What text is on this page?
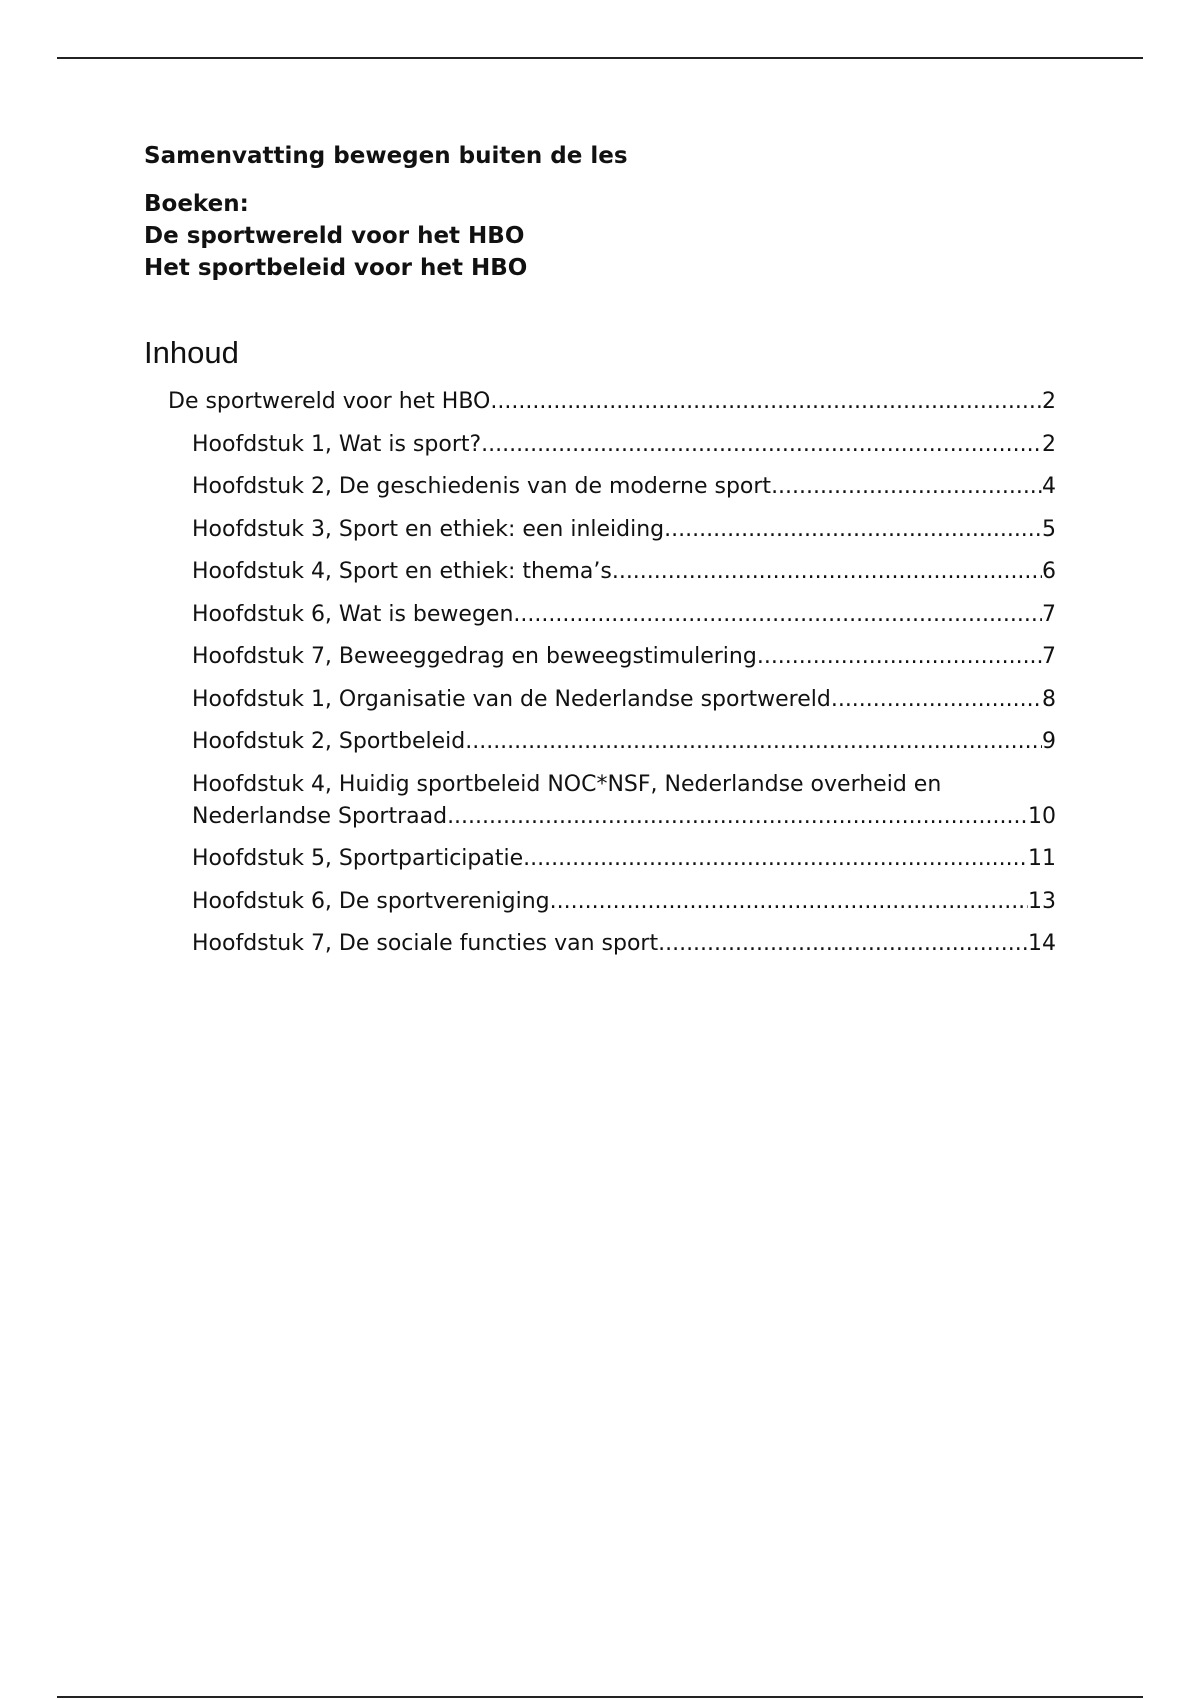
Samenvatting bewegen buiten de les
Boeken:
De sportwereld voor het HBO
Het sportbeleid voor het HBO
Inhoud
De sportwereld voor het HBO .....	2
Hoofdstuk 1, Wat is sport? .....	2
Hoofdstuk 2, De geschiedenis van de moderne sport .....	4
Hoofdstuk 3, Sport en ethiek: een inleiding .....	5
Hoofdstuk 4, Sport en ethiek: thema’s .....	6
Hoofdstuk 6, Wat is bewegen .....	7
Hoofdstuk 7, Beweeggedrag en beweegstimulering .....	7
Hoofdstuk 1, Organisatie van de Nederlandse sportwereld .....	8
Hoofdstuk 2, Sportbeleid .....	9
Hoofdstuk 4, Huidig sportbeleid NOC*NSF, Nederlandse overheid en
Nederlandse Sportraad .....	10
Hoofdstuk 5, Sportparticipatie .....	11
Hoofdstuk 6, De sportvereniging .....	13
Hoofdstuk 7, De sociale functies van sport .....	14
